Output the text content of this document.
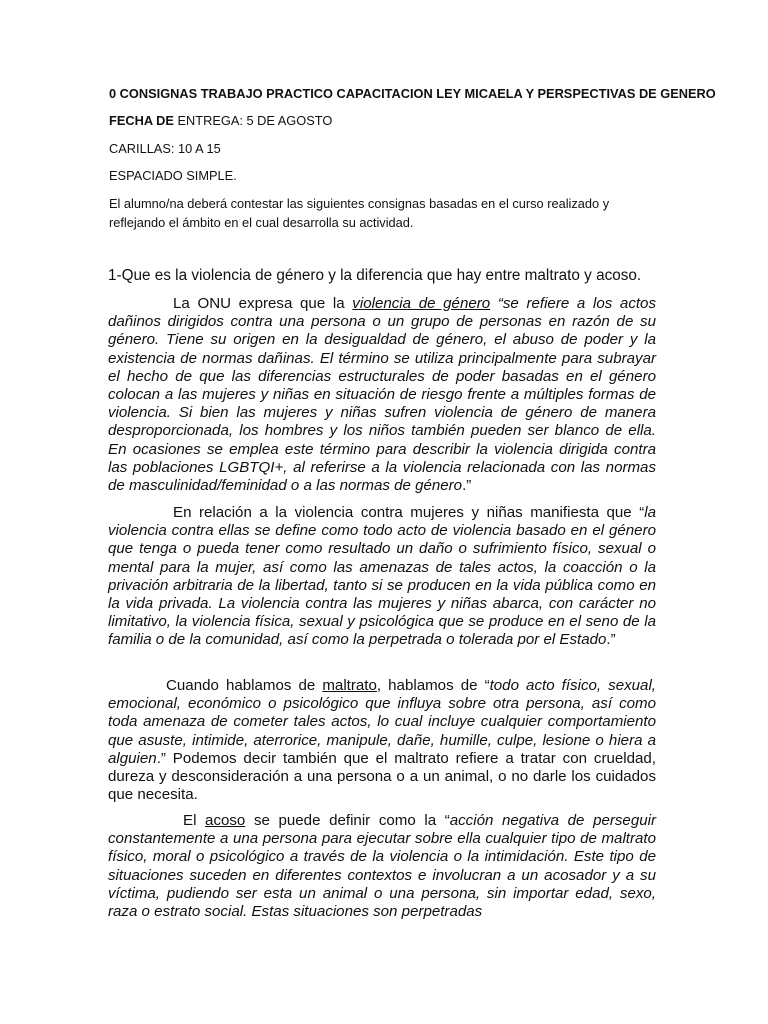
0 CONSIGNAS TRABAJO PRACTICO CAPACITACION LEY MICAELA Y PERSPECTIVAS DE GENERO
FECHA DE ENTREGA: 5 DE AGOSTO
CARILLAS: 10 A 15
ESPACIADO SIMPLE.
El alumno/na deberá contestar las siguientes consignas basadas en el curso realizado y reflejando el ámbito en el cual desarrolla su actividad.
1-Que es la violencia de género y la diferencia que hay entre maltrato y acoso.
La ONU expresa que la violencia de género “se refiere a los actos dañinos dirigidos contra una persona o un grupo de personas en razón de su género. Tiene su origen en la desigualdad de género, el abuso de poder y la existencia de normas dañinas. El término se utiliza principalmente para subrayar el hecho de que las diferencias estructurales de poder basadas en el género colocan a las mujeres y niñas en situación de riesgo frente a múltiples formas de violencia. Si bien las mujeres y niñas sufren violencia de género de manera desproporcionada, los hombres y los niños también pueden ser blanco de ella. En ocasiones se emplea este término para describir la violencia dirigida contra las poblaciones LGBTQI+, al referirse a la violencia relacionada con las normas de masculinidad/feminidad o a las normas de género.”
En relación a la violencia contra mujeres y niñas manifiesta que “la violencia contra ellas se define como todo acto de violencia basado en el género que tenga o pueda tener como resultado un daño o sufrimiento físico, sexual o mental para la mujer, así como las amenazas de tales actos, la coacción o la privación arbitraria de la libertad, tanto si se producen en la vida pública como en la vida privada. La violencia contra las mujeres y niñas abarca, con carácter no limitativo, la violencia física, sexual y psicológica que se produce en el seno de la familia o de la comunidad, así como la perpetrada o tolerada por el Estado.”
Cuando hablamos de maltrato, hablamos de “todo acto físico, sexual, emocional, económico o psicológico que influya sobre otra persona, así como toda amenaza de cometer tales actos, lo cual incluye cualquier comportamiento que asuste, intimide, aterrorice, manipule, dañe, humille, culpe, lesione o hiera a alguien.” Podemos decir también que el maltrato refiere a tratar con crueldad, dureza y desconsideración a una persona o a un animal, o no darle los cuidados que necesita.
El acoso se puede definir como la “acción negativa de perseguir constantemente a una persona para ejecutar sobre ella cualquier tipo de maltrato físico, moral o psicológico a través de la violencia o la intimidación. Este tipo de situaciones suceden en diferentes contextos e involucran a un acosador y a su víctima, pudiendo ser esta un animal o una persona, sin importar edad, sexo, raza o estrato social. Estas situaciones son perpetradas
